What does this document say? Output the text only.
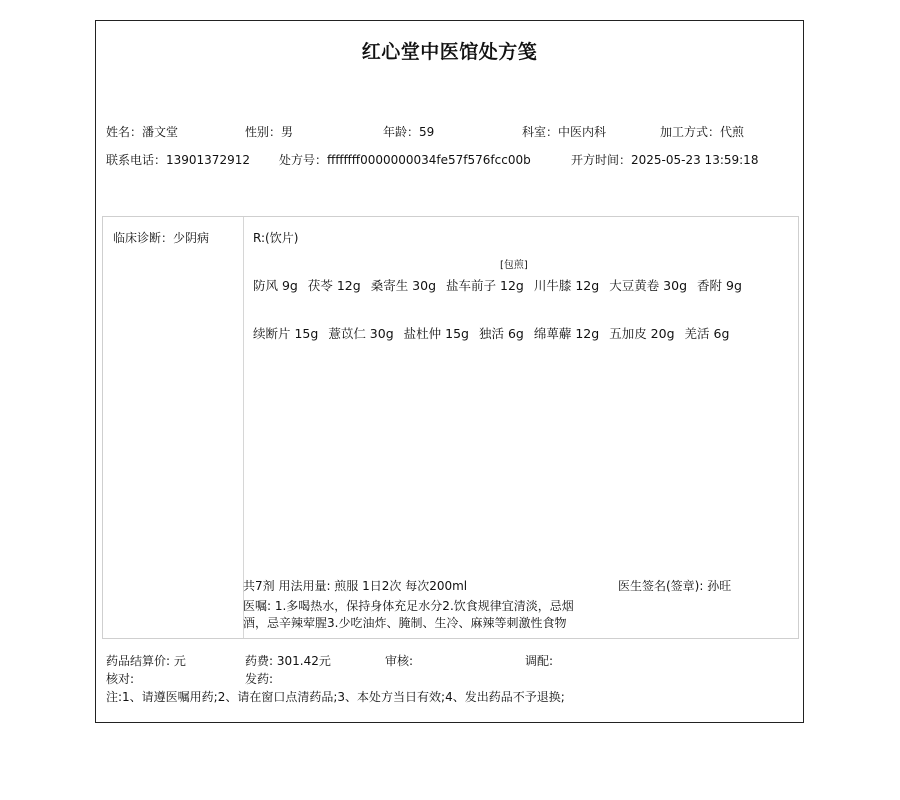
红心堂中医馆处方笺
姓名：潘文堂	性别：男	年龄：59	科室：中医内科	加工方式：代煎
联系电话：13901372912 处方号：ffffffff0000000034fe57f576fcc00b	开方时间：2025-05-23 13:59:18
临床诊断：少阴病	R:(饮片)
[包煎]
防风 9g 茯苓 12g 桑寄生 30g 盐车前子 12g 川牛膝 12g 大豆黄卷 30g 香附 9g
续断片 15g 薏苡仁 30g 盐杜仲 15g 独活 6g 绵萆薢 12g 五加皮 20g 羌活 6g
共7剂 用法用量: 煎服 1日2次 每次200ml	医生签名(签章): 孙旺
医嘱: 1.多喝热水，保持身体充足水分2.饮食规律宜清淡，忌烟
酒，忌辛辣荤腥3.少吃油炸、腌制、生冷、麻辣等刺激性食物
药品结算价: 元	药费: 301.42元	审核:	调配:
核对:	发药:
注:1、请遵医嘱用药;2、请在窗口点清药品;3、本处方当日有效;4、发出药品不予退换;
